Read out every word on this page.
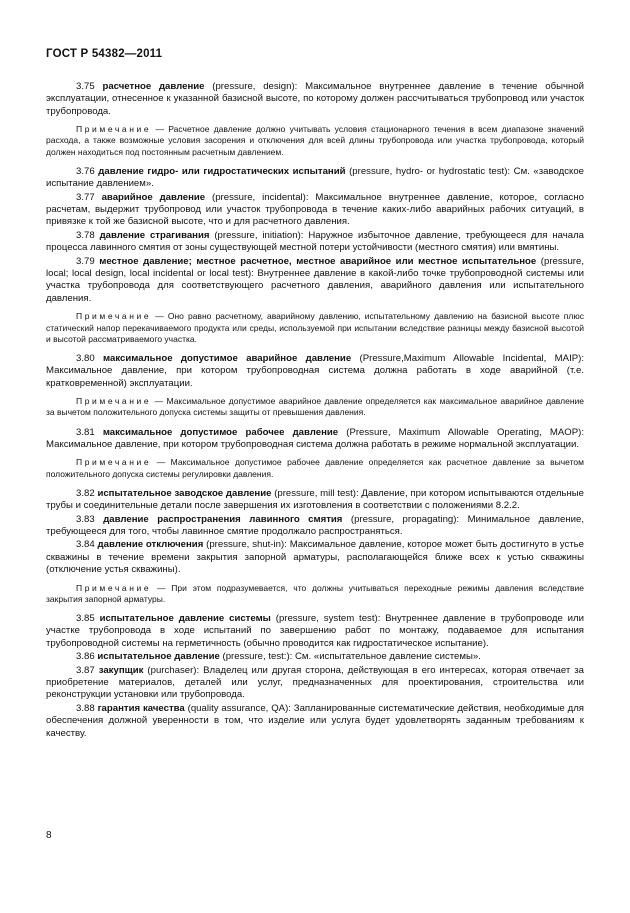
ГОСТ Р 54382—2011

3.75 расчетное давление (pressure, design): Максимальное внутреннее давление в течение обычной эксплуатации, отнесенное к указанной базисной высоте, по которому должен рассчитываться трубопровод или участок трубопровода.

Примечание — Расчетное давление должно учитывать условия стационарного течения в всем диапазоне значений расхода, а также возможные условия засорения и отключения для всей длины трубопровода или участка трубопровода, который должен находиться под постоянным расчетным давлением.

3.76 давление гидро- или гидростатических испытаний (pressure, hydro- or hydrostatic test): См. «заводское испытание давлением».

3.77 аварийное давление (pressure, incidental): Максимальное внутреннее давление, которое, согласно расчетам, выдержит трубопровод или участок трубопровода в течение каких-либо аварийных рабочих ситуаций, в привязке к той же базисной высоте, что и для расчетного давления.

3.78 давление страгивания (pressure, initiation): Наружное избыточное давление, требующееся для начала процесса лавинного смятия от зоны существующей местной потери устойчивости (местного смятия) или вмятины.

3.79 местное давление; местное расчетное, местное аварийное или местное испытательное (pressure, local; local design, local incidental or local test): Внутреннее давление в какой-либо точке трубопроводной системы или участка трубопровода для соответствующего расчетного давления, аварийного давления или испытательного давления.

Примечание — Оно равно расчетному, аварийному давлению, испытательному давлению на базисной высоте плюс статический напор перекачиваемого продукта или среды, используемой при испытании вследствие разницы между базисной высотой и высотой рассматриваемого участка.

3.80 максимальное допустимое аварийное давление (Pressure,Maximum Allowable Incidental, MAIP): Максимальное давление, при котором трубопроводная система должна работать в ходе аварийной (т.е. кратковременной) эксплуатации.

Примечание — Максимальное допустимое аварийное давление определяется как максимальное аварийное давление за вычетом положительного допуска системы защиты от превышения давления.

3.81 максимальное допустимое рабочее давление (Pressure, Maximum Allowable Operating, MAOP): Максимальное давление, при котором трубопроводная система должна работать в режиме нормальной эксплуатации.

Примечание — Максимальное допустимое рабочее давление определяется как расчетное давление за вычетом положительного допуска системы регулировки давления.

3.82 испытательное заводское давление (pressure, mill test): Давление, при котором испытываются отдельные трубы и соединительные детали после завершения их изготовления в соответствии с положениями 8.2.2.

3.83 давление распространения лавинного смятия (pressure, propagating): Минимальное давление, требующееся для того, чтобы лавинное смятие продолжало распространяться.

3.84 давление отключения (pressure, shut-in): Максимальное давление, которое может быть достигнуто в устье скважины в течение времени закрытия запорной арматуры, располагающейся ближе всех к устью скважины (отключение устья скважины).

Примечание — При этом подразумевается, что должны учитываться переходные режимы давления вследствие закрытия запорной арматуры.

3.85 испытательное давление системы (pressure, system test): Внутреннее давление в трубопроводе или участке трубопровода в ходе испытаний по завершению работ по монтажу, подаваемое для испытания трубопроводной системы на герметичность (обычно проводится как гидростатическое испытание).

3.86 испытательное давление (pressure, test:): См. «испытательное давление системы».

3.87 закупщик (purchaser): Владелец или другая сторона, действующая в его интересах, которая отвечает за приобретение материалов, деталей или услуг, предназначенных для проектирования, строительства или реконструкции установки или трубопровода.

3.88 гарантия качества (quality assurance, QA): Запланированные систематические действия, необходимые для обеспечения должной уверенности в том, что изделие или услуга будет удовлетворять заданным требованиям к качеству.

8
